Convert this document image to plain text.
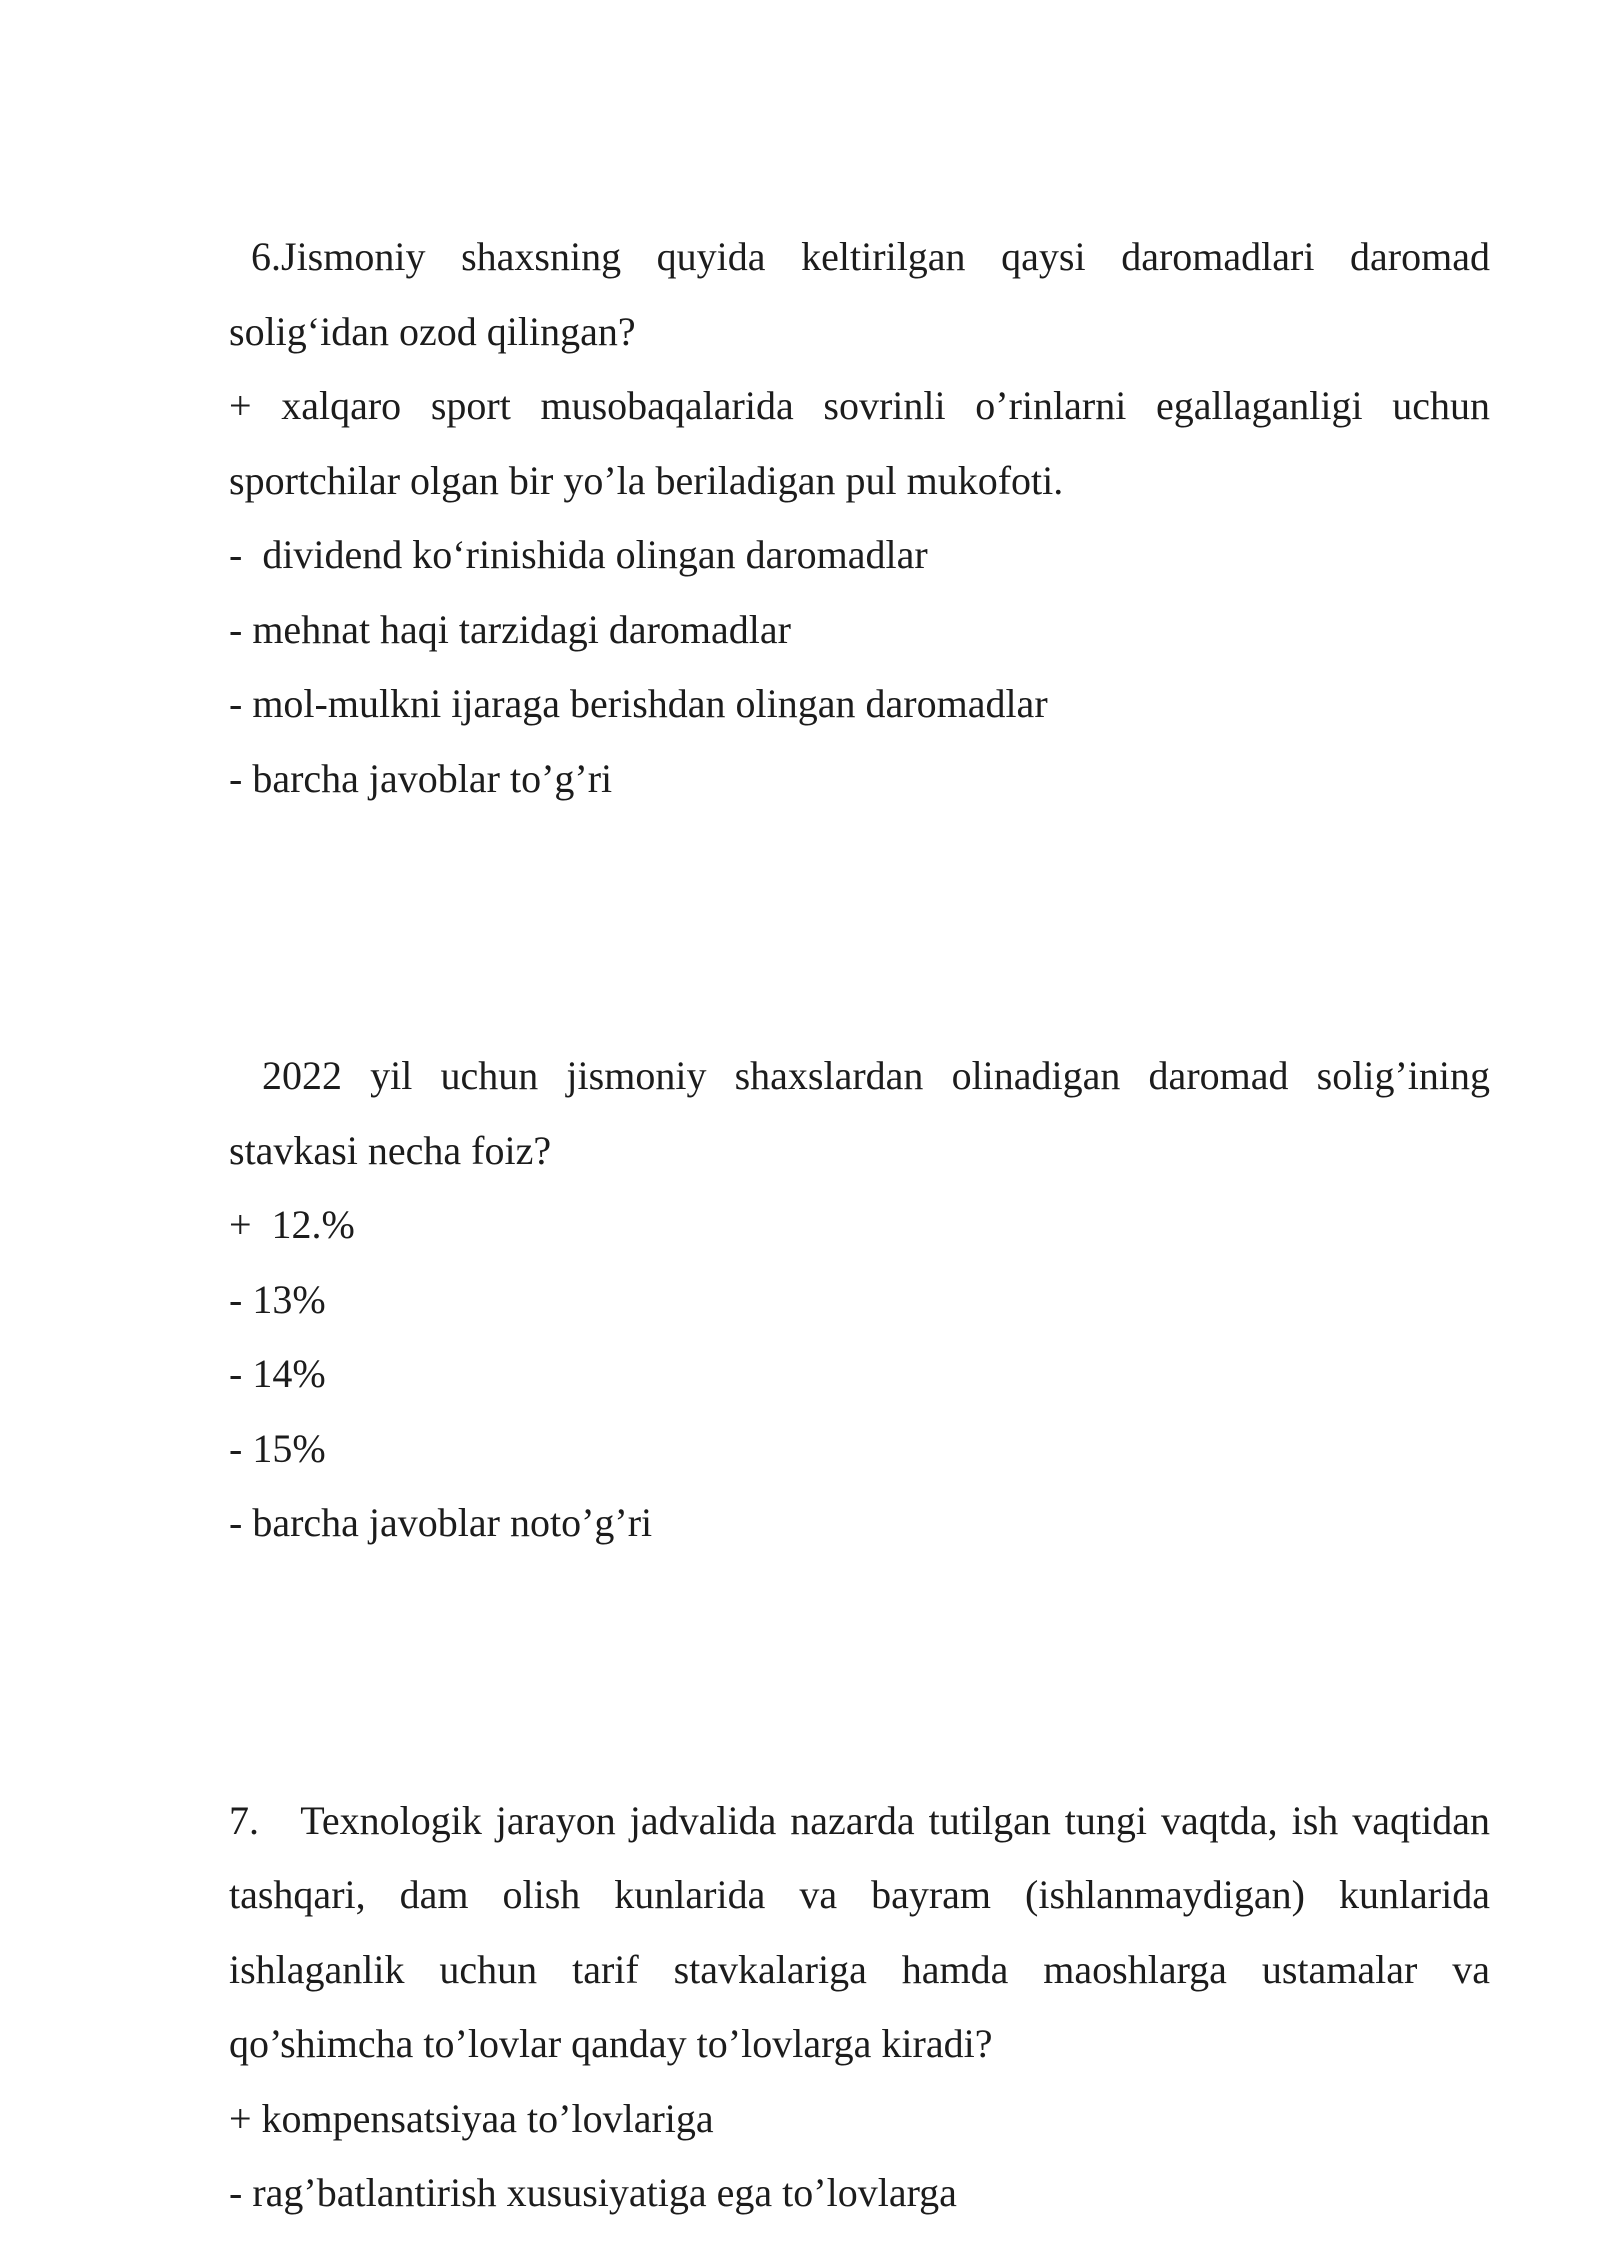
6.Jismoniy shaxsning quyida keltirilgan qaysi daromadlari daromad solig‘idan ozod qilingan?

+ xalqaro sport musobaqalarida sovrinli o’rinlarni egallaganligi uchun sportchilar olgan bir yo’la beriladigan pul mukofoti.

-  dividend ko‘rinishida olingan daromadlar

- mehnat haqi tarzidagi daromadlar

- mol-mulkni ijaraga berishdan olingan daromadlar

- barcha javoblar to’g’ri

2022 yil uchun jismoniy shaxslardan olinadigan daromad solig’ining stavkasi necha foiz?

+  12.%

- 13%

- 14%

- 15%

- barcha javoblar noto’g’ri

7.   Texnologik jarayon jadvalida nazarda tutilgan tungi vaqtda, ish vaqtidan tashqari, dam olish kunlarida va bayram (ishlanmaydigan) kunlarida ishlaganlik uchun tarif stavkalariga hamda maoshlarga ustamalar va qo’shimcha to’lovlar qanday to’lovlarga kiradi?

+ kompensatsiyaa to’lovlariga

- rag’batlantirish xususiyatiga ega to’lovlarga
